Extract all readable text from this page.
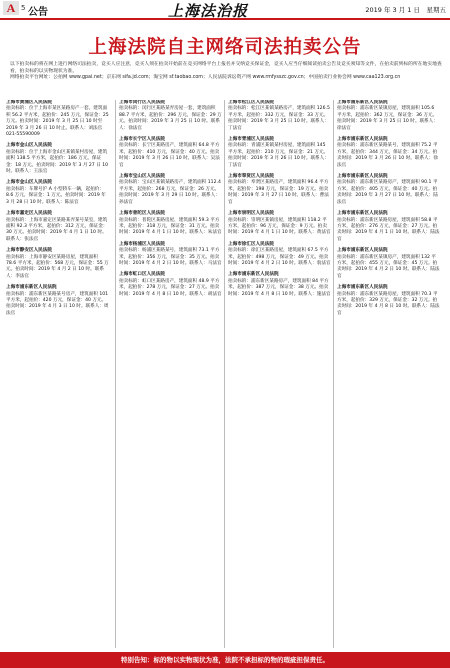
A 5 公告	上海法治报	2019 年 3 月 1 日　星期五
上海法院自主网络司法拍卖公告

以下拍卖标的将在网上进行网络司法拍卖，竞买人应注意，竞买人须在拍卖开始前在竞买网络平台上报名并交纳竞买保证金，竞买人应当仔细阅读拍卖公告及竞买须知等文件，在拍卖前到标的所在地实地查看，拍卖标的以实物现状为准。

网络拍卖平台网址：公拍网 www.gpai.net；京东网 sifa.jd.com；淘宝网 sf.taobao.com；人民法院诉讼资产网 www.rmfysszc.gov.cn；中国拍卖行业协会网 www.caa123.org.cn

上海市黄浦区人民法院
拍卖标的：位于上海市某区某路房产一套，建筑面积 56.2 平方米，起拍价：245 万元，保证金：25 万元。拍卖时间：2019 年 3 月 25 日 10 时至 2019 年 3 月 26 日 10 时止。联系人：刘法官 021-55590009
上海市金山区人民法院
拍卖标的：位于上海市金山区某镇某村房屋，建筑面积 138.5 平方米，起拍价：186 万元，保证金：18 万元。拍卖时间：2019 年 3 月 27 日 10 时。联系人：王法官
上海市金山区人民法院
拍卖标的：车牌号沪 A 小型轿车一辆，起拍价：8.6 万元，保证金：1 万元。拍卖时间：2019 年 3 月 28 日 10 时。联系人：陈法官
上海市嘉定区人民法院
拍卖标的：上海市嘉定区某路某弄某号某室，建筑面积 92.3 平方米，起拍价：312 万元，保证金：30 万元。拍卖时间：2019 年 4 月 1 日 10 时。联系人：张法官
上海市静安区人民法院
拍卖标的：上海市静安区某路房屋，建筑面积 78.6 平方米，起拍价：568 万元，保证金：55 万元。拍卖时间：2019 年 4 月 2 日 10 时。联系人：李法官
上海市浦东新区人民法院
拍卖标的：浦东新区某路某号房产，建筑面积 101 平方米，起拍价：420 万元，保证金：40 万元。拍卖时间：2019 年 4 月 3 日 10 时。联系人：周法官
上海市闵行区人民法院
拍卖标的：闵行区某路某弄房屋一套，建筑面积 88.7 平方米，起拍价：296 万元，保证金：29 万元。拍卖时间：2019 年 3 月 25 日 10 时。联系人：徐法官
上海市长宁区人民法院
拍卖标的：长宁区某路房产，建筑面积 64.8 平方米，起拍价：410 万元，保证金：40 万元。拍卖时间：2019 年 3 月 26 日 10 时。联系人：吴法官
上海市宝山区人民法院
拍卖标的：宝山区某镇某路房产，建筑面积 112.4 平方米，起拍价：268 万元，保证金：26 万元。拍卖时间：2019 年 3 月 29 日 10 时。联系人：孙法官
上海市普陀区人民法院
拍卖标的：普陀区某路房屋，建筑面积 59.3 平方米，起拍价：318 万元，保证金：31 万元。拍卖时间：2019 年 4 月 1 日 10 时。联系人：朱法官
上海市杨浦区人民法院
拍卖标的：杨浦区某路某号，建筑面积 73.1 平方米，起拍价：356 万元，保证金：35 万元。拍卖时间：2019 年 4 月 2 日 10 时。联系人：马法官
上海市虹口区人民法院
拍卖标的：虹口区某路房产，建筑面积 48.9 平方米，起拍价：278 万元，保证金：27 万元。拍卖时间：2019 年 4 月 8 日 10 时。联系人：胡法官
上海市松江区人民法院
拍卖标的：松江区某镇某路房产，建筑面积 126.5 平方米，起拍价：332 万元，保证金：33 万元。拍卖时间：2019 年 3 月 25 日 10 时。联系人：丁法官
上海市青浦区人民法院
拍卖标的：青浦区某镇某村房屋，建筑面积 145 平方米，起拍价：210 万元，保证金：21 万元。拍卖时间：2019 年 3 月 26 日 10 时。联系人：丁法官
上海市奉贤区人民法院
拍卖标的：奉贤区某路房产，建筑面积 96.4 平方米，起拍价：198 万元，保证金：19 万元。拍卖时间：2019 年 3 月 27 日 10 时。联系人：曹法官
上海市崇明区人民法院
拍卖标的：崇明区某镇房屋，建筑面积 118.2 平方米，起拍价：96 万元，保证金：9 万元。拍卖时间：2019 年 4 月 1 日 10 时。联系人：黄法官
上海市徐汇区人民法院
拍卖标的：徐汇区某路房屋，建筑面积 67.5 平方米，起拍价：498 万元，保证金：49 万元。拍卖时间：2019 年 4 月 2 日 10 时。联系人：翁法官
上海市浦东新区人民法院
拍卖标的：浦东新区某路房产，建筑面积 84 平方米，起拍价：387 万元，保证金：38 万元。拍卖时间：2019 年 4 月 8 日 10 时。联系人：施法官
上海市浦东新区人民法院
拍卖标的：浦东新区某镇房屋，建筑面积 105.6 平方米，起拍价：362 万元，保证金：36 万元。拍卖时间：2019 年 3 月 25 日 10 时。联系人：徐法官
上海市浦东新区人民法院
拍卖标的：浦东新区某路某号，建筑面积 75.2 平方米，起拍价：344 万元，保证金：34 万元。拍卖时间：2019 年 3 月 26 日 10 时。联系人：徐法官
上海市浦东新区人民法院
拍卖标的：浦东新区某路房产，建筑面积 90.1 平方米，起拍价：405 万元，保证金：40 万元。拍卖时间：2019 年 3 月 27 日 10 时。联系人：陆法官
上海市浦东新区人民法院
拍卖标的：浦东新区某路房屋，建筑面积 58.8 平方米，起拍价：276 万元，保证金：27 万元。拍卖时间：2019 年 4 月 1 日 10 时。联系人：陆法官
上海市浦东新区人民法院
拍卖标的：浦东新区某镇房产，建筑面积 132 平方米，起拍价：455 万元，保证金：45 万元。拍卖时间：2019 年 4 月 2 日 10 时。联系人：陆法官
上海市浦东新区人民法院
拍卖标的：浦东新区某路房屋，建筑面积 70.3 平方米，起拍价：329 万元，保证金：32 万元。拍卖时间：2019 年 4 月 8 日 10 时。联系人：陆法官
特别告知：标的物以实物现状为准，法院不承担标的物的瑕疵担保责任。
